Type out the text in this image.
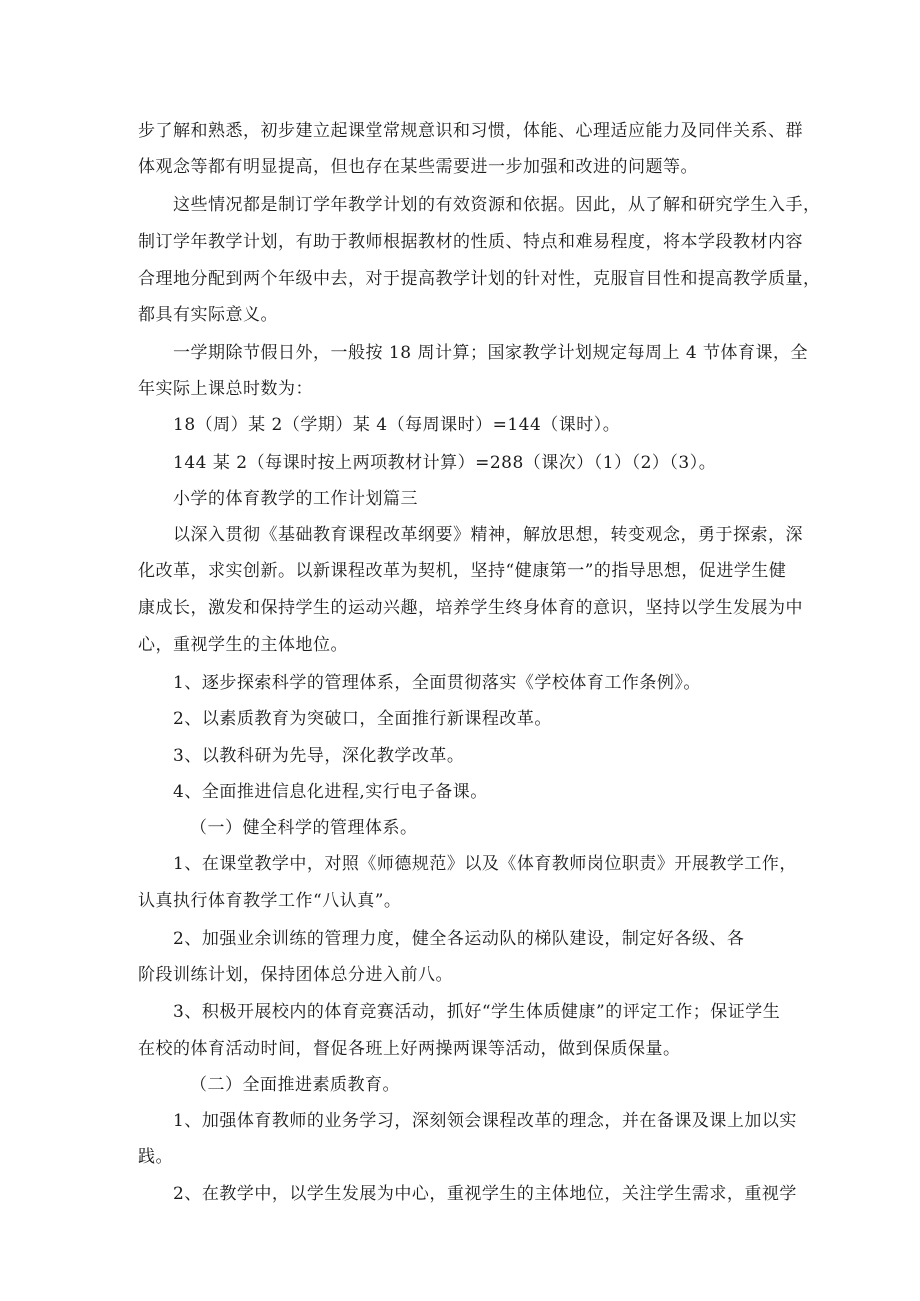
步了解和熟悉，初步建立起课堂常规意识和习惯，体能、心理适应能力及同伴关系、群
体观念等都有明显提高，但也存在某些需要进一步加强和改进的问题等。
这些情况都是制订学年教学计划的有效资源和依据。因此，从了解和研究学生入手，
制订学年教学计划，有助于教师根据教材的性质、特点和难易程度，将本学段教材内容
合理地分配到两个年级中去，对于提高教学计划的针对性，克服盲目性和提高教学质量，
都具有实际意义。
一学期除节假日外，一般按 18 周计算；国家教学计划规定每周上 4 节体育课，全
年实际上课总时数为：
18（周）某 2（学期）某 4（每周课时）=144（课时）。
144 某 2（每课时按上两项教材计算）=288（课次）（1）（2）（3）。
小学的体育教学的工作计划篇三
以深入贯彻《基础教育课程改革纲要》精神，解放思想，转变观念，勇于探索，深
化改革，求实创新。以新课程改革为契机，坚持“健康第一”的指导思想，促进学生健
康成长，激发和保持学生的运动兴趣，培养学生终身体育的意识，坚持以学生发展为中
心，重视学生的主体地位。
1、逐步探索科学的管理体系，全面贯彻落实《学校体育工作条例》。
2、以素质教育为突破口，全面推行新课程改革。
3、以教科研为先导，深化教学改革。
4、全面推进信息化进程,实行电子备课。
（一）健全科学的管理体系。
1、在课堂教学中，对照《师德规范》以及《体育教师岗位职责》开展教学工作，
认真执行体育教学工作“八认真”。
2、加强业余训练的管理力度，健全各运动队的梯队建设，制定好各级、各
阶段训练计划，保持团体总分进入前八。
3、积极开展校内的体育竞赛活动，抓好“学生体质健康”的评定工作；保证学生
在校的体育活动时间，督促各班上好两操两课等活动，做到保质保量。
（二）全面推进素质教育。
1、加强体育教师的业务学习，深刻领会课程改革的理念，并在备课及课上加以实
践。
2、在教学中，以学生发展为中心，重视学生的主体地位，关注学生需求，重视学
